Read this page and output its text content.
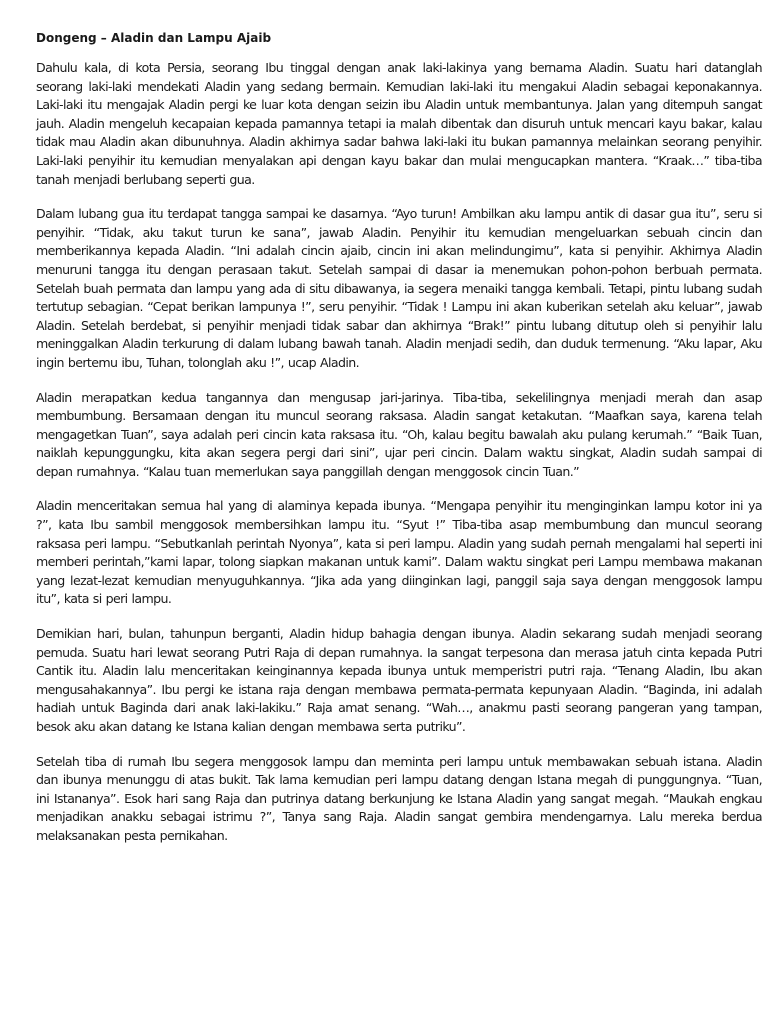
Dongeng – Aladin dan Lampu Ajaib

Dahulu kala, di kota Persia, seorang Ibu tinggal dengan anak laki-lakinya yang bernama Aladin. Suatu hari datanglah seorang laki-laki mendekati Aladin yang sedang bermain. Kemudian laki-laki itu mengakui Aladin sebagai keponakannya. Laki-laki itu mengajak Aladin pergi ke luar kota dengan seizin ibu Aladin untuk membantunya. Jalan yang ditempuh sangat jauh. Aladin mengeluh kecapaian kepada pamannya tetapi ia malah dibentak dan disuruh untuk mencari kayu bakar, kalau tidak mau Aladin akan dibunuhnya. Aladin akhirnya sadar bahwa laki-laki itu bukan pamannya melainkan seorang penyihir. Laki-laki penyihir itu kemudian menyalakan api dengan kayu bakar dan mulai mengucapkan mantera. “Kraak…” tiba-tiba tanah menjadi berlubang seperti gua.

Dalam lubang gua itu terdapat tangga sampai ke dasarnya. “Ayo turun! Ambilkan aku lampu antik di dasar gua itu”, seru si penyihir. “Tidak, aku takut turun ke sana”, jawab Aladin. Penyihir itu kemudian mengeluarkan sebuah cincin dan memberikannya kepada Aladin. “Ini adalah cincin ajaib, cincin ini akan melindungimu”, kata si penyihir. Akhirnya Aladin menuruni tangga itu dengan perasaan takut. Setelah sampai di dasar ia menemukan pohon-pohon berbuah permata. Setelah buah permata dan lampu yang ada di situ dibawanya, ia segera menaiki tangga kembali. Tetapi, pintu lubang sudah tertutup sebagian. “Cepat berikan lampunya !”, seru penyihir. “Tidak ! Lampu ini akan kuberikan setelah aku keluar”, jawab Aladin. Setelah berdebat, si penyihir menjadi tidak sabar dan akhirnya “Brak!” pintu lubang ditutup oleh si penyihir lalu meninggalkan Aladin terkurung di dalam lubang bawah tanah. Aladin menjadi sedih, dan duduk termenung. “Aku lapar, Aku ingin bertemu ibu, Tuhan, tolonglah aku !”, ucap Aladin.

Aladin merapatkan kedua tangannya dan mengusap jari-jarinya. Tiba-tiba, sekelilingnya menjadi merah dan asap membumbung. Bersamaan dengan itu muncul seorang raksasa. Aladin sangat ketakutan. “Maafkan saya, karena telah mengagetkan Tuan”, saya adalah peri cincin kata raksasa itu. “Oh, kalau begitu bawalah aku pulang kerumah.” “Baik Tuan, naiklah kepunggungku, kita akan segera pergi dari sini”, ujar peri cincin. Dalam waktu singkat, Aladin sudah sampai di depan rumahnya. “Kalau tuan memerlukan saya panggillah dengan menggosok cincin Tuan.”

Aladin menceritakan semua hal yang di alaminya kepada ibunya. “Mengapa penyihir itu menginginkan lampu kotor ini ya ?”, kata Ibu sambil menggosok membersihkan lampu itu. “Syut !” Tiba-tiba asap membumbung dan muncul seorang raksasa peri lampu. “Sebutkanlah perintah Nyonya”, kata si peri lampu. Aladin yang sudah pernah mengalami hal seperti ini memberi perintah,”kami lapar, tolong siapkan makanan untuk kami”. Dalam waktu singkat peri Lampu membawa makanan yang lezat-lezat kemudian menyuguhkannya. “Jika ada yang diinginkan lagi, panggil saja saya dengan menggosok lampu itu”, kata si peri lampu.

Demikian hari, bulan, tahunpun berganti, Aladin hidup bahagia dengan ibunya. Aladin sekarang sudah menjadi seorang pemuda. Suatu hari lewat seorang Putri Raja di depan rumahnya. Ia sangat terpesona dan merasa jatuh cinta kepada Putri Cantik itu. Aladin lalu menceritakan keinginannya kepada ibunya untuk memperistri putri raja. “Tenang Aladin, Ibu akan mengusahakannya”. Ibu pergi ke istana raja dengan membawa permata-permata kepunyaan Aladin. “Baginda, ini adalah hadiah untuk Baginda dari anak laki-lakiku.” Raja amat senang. “Wah…, anakmu pasti seorang pangeran yang tampan, besok aku akan datang ke Istana kalian dengan membawa serta putriku”.

Setelah tiba di rumah Ibu segera menggosok lampu dan meminta peri lampu untuk membawakan sebuah istana. Aladin dan ibunya menunggu di atas bukit. Tak lama kemudian peri lampu datang dengan Istana megah di punggungnya. “Tuan, ini Istananya”. Esok hari sang Raja dan putrinya datang berkunjung ke Istana Aladin yang sangat megah. “Maukah engkau menjadikan anakku sebagai istrimu ?”, Tanya sang Raja. Aladin sangat gembira mendengarnya. Lalu mereka berdua melaksanakan pesta pernikahan.
